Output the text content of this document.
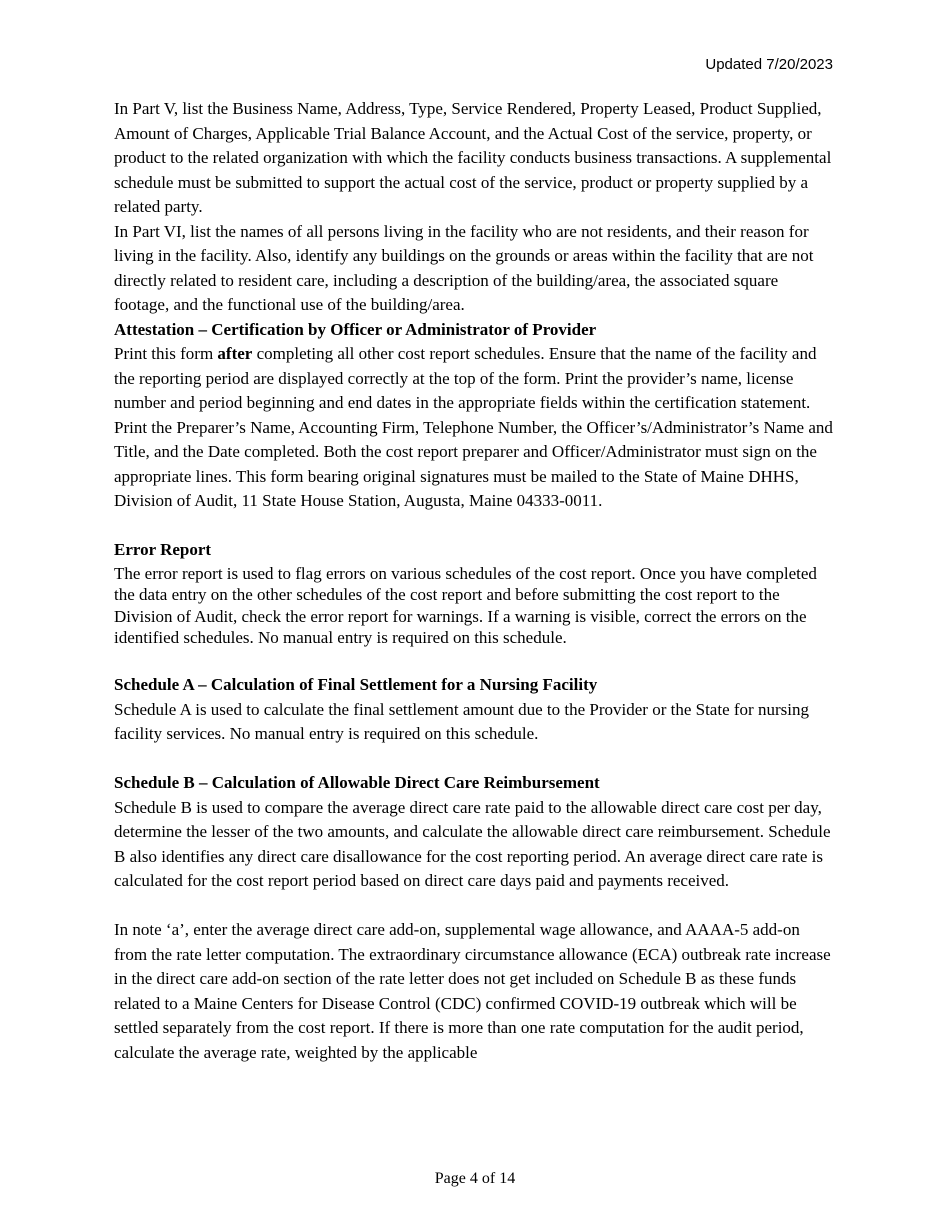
Updated 7/20/2023

In Part V, list the Business Name, Address, Type, Service Rendered, Property Leased, Product Supplied, Amount of Charges, Applicable Trial Balance Account, and the Actual Cost of the service, property, or product to the related organization with which the facility conducts business transactions. A supplemental schedule must be submitted to support the actual cost of the service, product or property supplied by a related party.

In Part VI, list the names of all persons living in the facility who are not residents, and their reason for living in the facility. Also, identify any buildings on the grounds or areas within the facility that are not directly related to resident care, including a description of the building/area, the associated square footage, and the functional use of the building/area.

Attestation – Certification by Officer or Administrator of Provider

Print this form after completing all other cost report schedules. Ensure that the name of the facility and the reporting period are displayed correctly at the top of the form. Print the provider’s name, license number and period beginning and end dates in the appropriate fields within the certification statement. Print the Preparer’s Name, Accounting Firm, Telephone Number, the Officer’s/Administrator’s Name and Title, and the Date completed. Both the cost report preparer and Officer/Administrator must sign on the appropriate lines. This form bearing original signatures must be mailed to the State of Maine DHHS, Division of Audit, 11 State House Station, Augusta, Maine 04333-0011.

Error Report

The error report is used to flag errors on various schedules of the cost report. Once you have completed the data entry on the other schedules of the cost report and before submitting the cost report to the Division of Audit, check the error report for warnings. If a warning is visible, correct the errors on the identified schedules. No manual entry is required on this schedule.

Schedule A – Calculation of Final Settlement for a Nursing Facility

Schedule A is used to calculate the final settlement amount due to the Provider or the State for nursing facility services. No manual entry is required on this schedule.

Schedule B – Calculation of Allowable Direct Care Reimbursement

Schedule B is used to compare the average direct care rate paid to the allowable direct care cost per day, determine the lesser of the two amounts, and calculate the allowable direct care reimbursement. Schedule B also identifies any direct care disallowance for the cost reporting period. An average direct care rate is calculated for the cost report period based on direct care days paid and payments received.

In note ‘a’, enter the average direct care add-on, supplemental wage allowance, and AAAA-5 add-on from the rate letter computation. The extraordinary circumstance allowance (ECA) outbreak rate increase in the direct care add-on section of the rate letter does not get included on Schedule B as these funds related to a Maine Centers for Disease Control (CDC) confirmed COVID-19 outbreak which will be settled separately from the cost report. If there is more than one rate computation for the audit period, calculate the average rate, weighted by the applicable

Page 4 of 14
